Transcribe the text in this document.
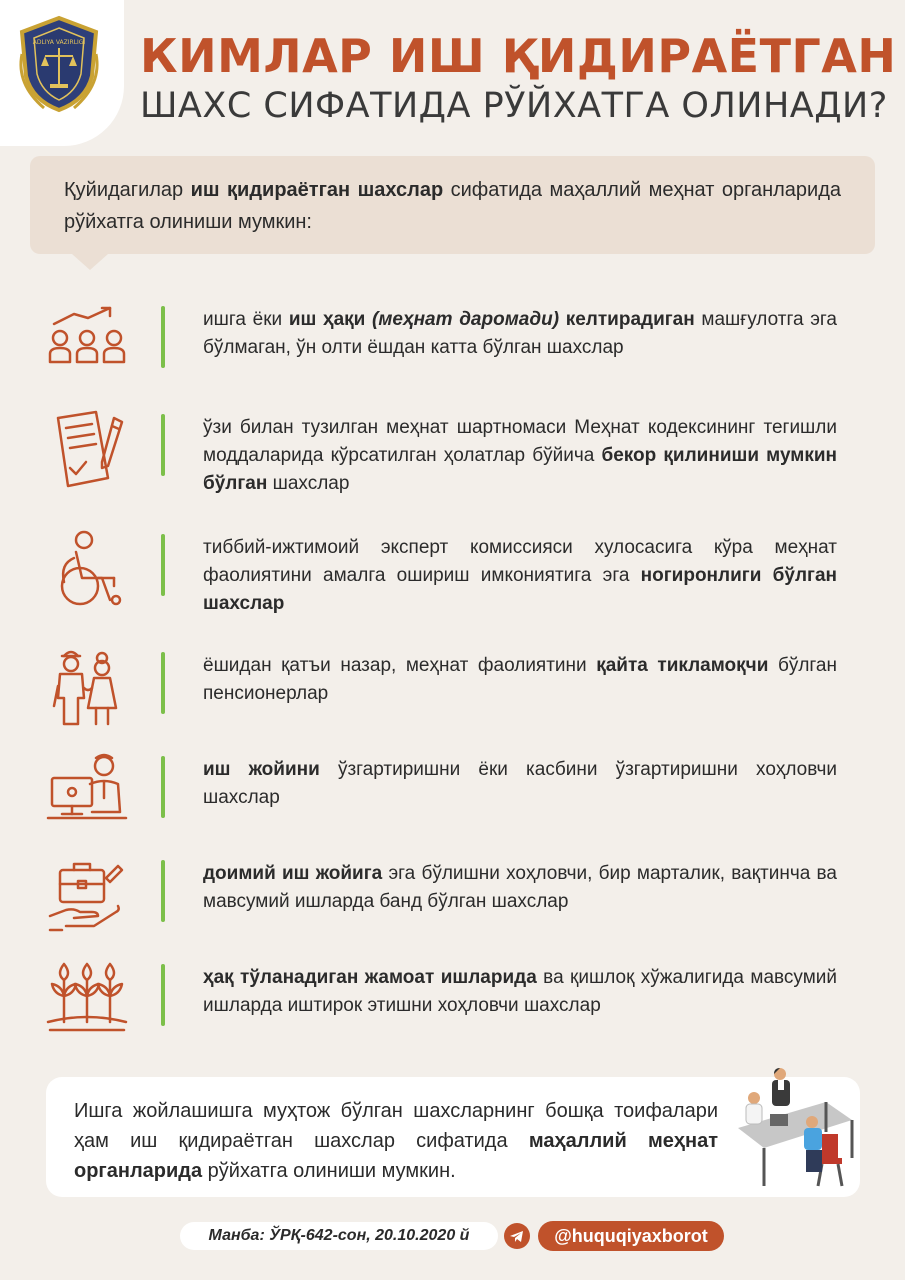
ADLIYA VAZIRLIGI КИМЛАР ИШ ҚИДИРАЁТГАН
ШАХС СИФАТИДА РЎЙХАТГА ОЛИНАДИ?
Қуйидагилар иш қидираётган шахслар сифатида маҳаллий меҳнат органларида рўйхатга олиниши мумкин:
ишга ёки иш ҳақи (меҳнат даромади) келтирадиган машғулотга эга бўлмаган, ўн олти ёшдан катта бўлган шахслар
ўзи билан тузилган меҳнат шартномаси Меҳнат кодексининг тегишли моддаларида кўрсатилган ҳолатлар бўйича бекор қилиниши мумкин бўлган шахслар
тиббий-ижтимоий эксперт комиссияси хулосасига кўра меҳнат фаолиятини амалга ошириш имкониятига эга ногиронлиги бўлган шахслар
ёшидан қатъи назар, меҳнат фаолиятини қайта тикламоқчи бўлган пенсионерлар
иш жойини ўзгартиришни ёки касбини ўзгартиришни хоҳловчи шахслар
доимий иш жойига эга бўлишни хоҳловчи, бир марталик, вақтинча ва мавсумий ишларда банд бўлган шахслар
ҳақ тўланадиган жамоат ишларида ва қишлоқ хўжалигида мавсумий ишларда иштирок этишни хоҳловчи шахслар
Ишга жойлашишга муҳтож бўлган шахсларнинг бошқа тоифалари ҳам иш қидираётган шахслар сифатида маҳаллий меҳнат органларида рўйхатга олиниши мумкин.
Манба: ЎРҚ-642-сон, 20.10.2020 й	@huquqiyaxborot
